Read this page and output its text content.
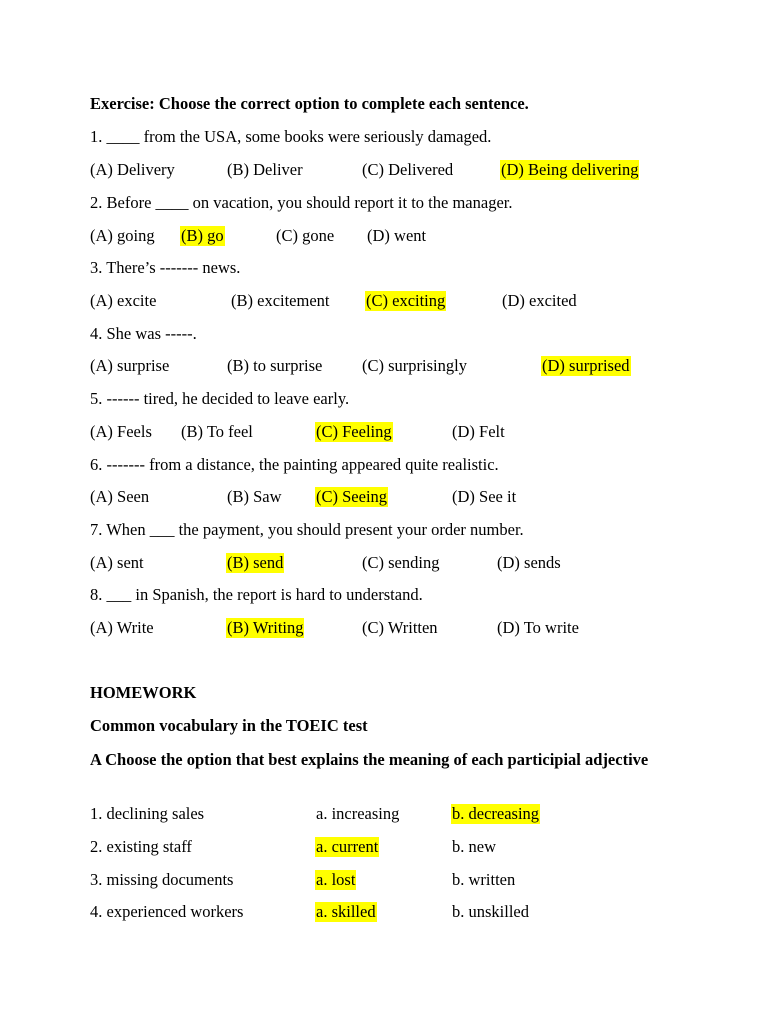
Exercise: Choose the correct option to complete each sentence.
1. ____ from the USA, some books were seriously damaged.
(A) Delivery	(B) Deliver	(C) Delivered	(D) Being delivering
2. Before ____ on vacation, you should report it to the manager.
(A) going (B) go	(C) gone (D) went
3. There’s ------- news.
(A) excite	(B) excitement (C) exciting	(D) excited
4. She was -----.
(A) surprise	(B) to surprise (C) surprisingly	(D) surprised
5. ------ tired, he decided to leave early.
(A) Feels (B) To feel	(C) Feeling	(D) Felt
6. ------- from a distance, the painting appeared quite realistic.
(A) Seen	(B) Saw (C) Seeing	(D) See it
7. When ___ the payment, you should present your order number.
(A) sent	(B) send	(C) sending	(D) sends
8. ___ in Spanish, the report is hard to understand.
(A) Write	(B) Writing	(C) Written	(D) To write
HOMEWORK
Common vocabulary in the TOEIC test
A Choose the option that best explains the meaning of each participial adjective
1. declining sales	a. increasing	b. decreasing
2. existing staff	a. current	b. new
3. missing documents	a. lost	b. written
4. experienced workers	a. skilled	b. unskilled
